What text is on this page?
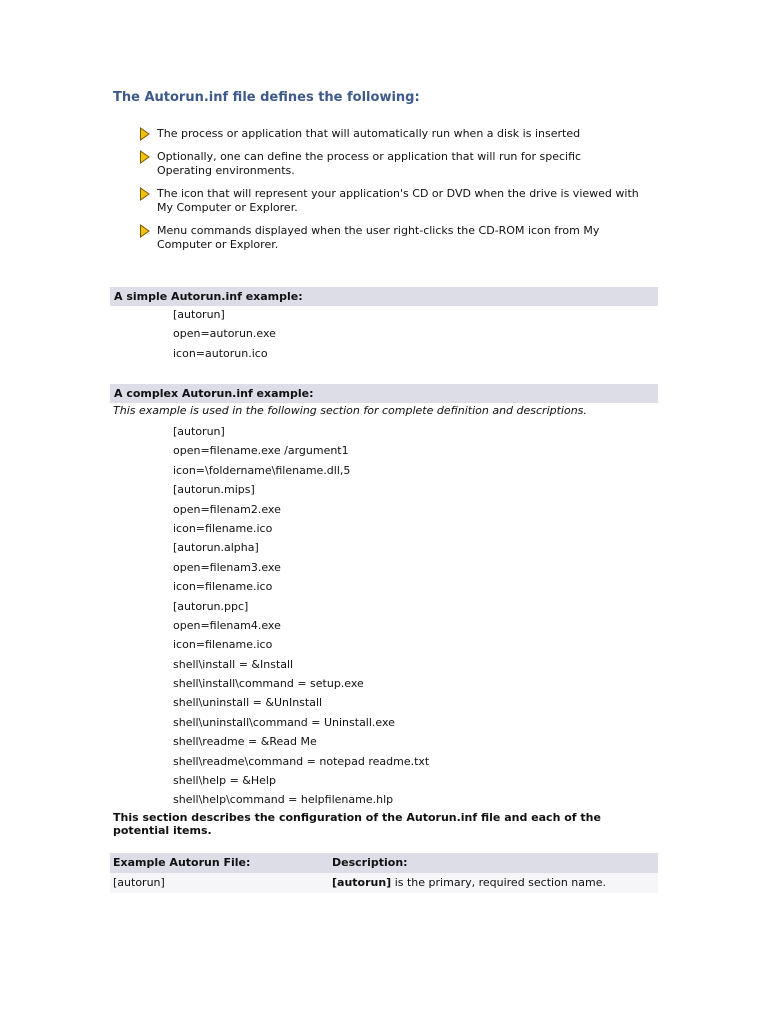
The Autorun.inf file defines the following:
The process or application that will automatically run when a disk is inserted
Optionally, one can define the process or application that will run for specific Operating environments.
The icon that will represent your application's CD or DVD when the drive is viewed with My Computer or Explorer.
Menu commands displayed when the user right-clicks the CD-ROM icon from My Computer or Explorer.
A simple Autorun.inf example:
[autorun]
open=autorun.exe
icon=autorun.ico
A complex Autorun.inf example:
This example is used in the following section for complete definition and descriptions.
[autorun]
open=filename.exe /argument1
icon=\foldername\filename.dll,5
[autorun.mips]
open=filenam2.exe
icon=filename.ico
[autorun.alpha]
open=filenam3.exe
icon=filename.ico
[autorun.ppc]
open=filenam4.exe
icon=filename.ico
shell\install = &Install
shell\install\command = setup.exe
shell\uninstall = &UnInstall
shell\uninstall\command = Uninstall.exe
shell\readme = &Read Me
shell\readme\command = notepad readme.txt
shell\help = &Help
shell\help\command = helpfilename.hlp

This section describes the configuration of the Autorun.inf file and each of the potential items.

Example Autorun File:	Description:
[autorun]	[autorun] is the primary, required section name.
